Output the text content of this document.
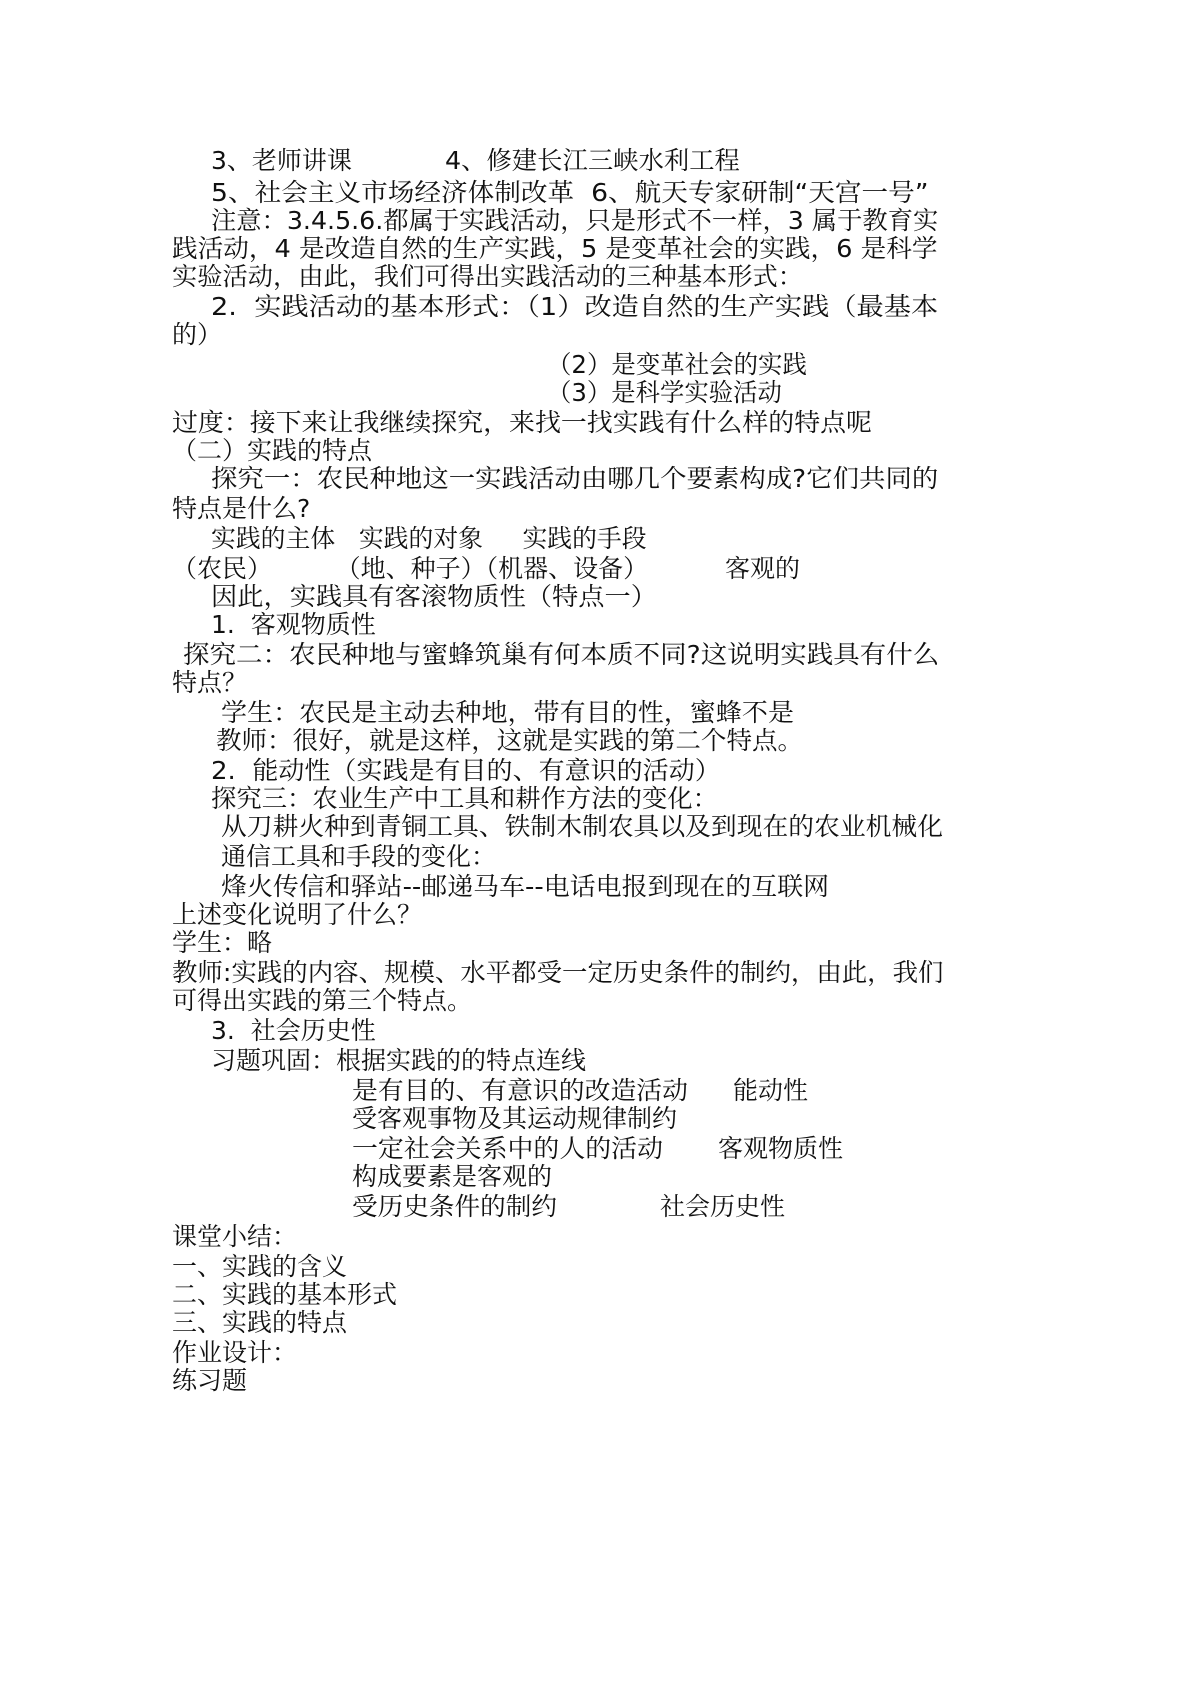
3、老师讲课	4、修建长江三峡水利工程
5、社会主义市场经济体制改革  6、航天专家研制“天宫一号”
注意：3.4.5.6.都属于实践活动，只是形式不一样，3 属于教育实
践活动，4 是改造自然的生产实践，5 是变革社会的实践，6 是科学
实验活动，由此，我们可得出实践活动的三种基本形式：
2.  实践活动的基本形式：（1）改造自然的生产实践（最基本
的）
（2）是变革社会的实践
（3）是科学实验活动
过度：接下来让我继续探究，来找一找实践有什么样的特点呢
（二）实践的特点
探究一：农民种地这一实践活动由哪几个要素构成?它们共同的
特点是什么?
实践的主体   实践的对象     实践的手段
（农民）        （地、种子）（机器、设备）	客观的
因此，实践具有客滚物质性（特点一）
1.  客观物质性
探究二：农民种地与蜜蜂筑巢有何本质不同?这说明实践具有什么
特点？
学生：农民是主动去种地，带有目的性，蜜蜂不是
教师：很好，就是这样，这就是实践的第二个特点。
2.  能动性（实践是有目的、有意识的活动）
探究三：农业生产中工具和耕作方法的变化：
从刀耕火种到青铜工具、铁制木制农具以及到现在的农业机械化
通信工具和手段的变化：
烽火传信和驿站--邮递马车--电话电报到现在的互联网
上述变化说明了什么？
学生：略
教师:实践的内容、规模、水平都受一定历史条件的制约，由此，我们
可得出实践的第三个特点。
3.  社会历史性
习题巩固：根据实践的的特点连线
是有目的、有意识的改造活动 能动性
受客观事物及其运动规律制约
一定社会关系中的人的活动 客观物质性
构成要素是客观的
受历史条件的制约	社会历史性
课堂小结：
一、实践的含义
二、实践的基本形式
三、实践的特点
作业设计：
练习题
